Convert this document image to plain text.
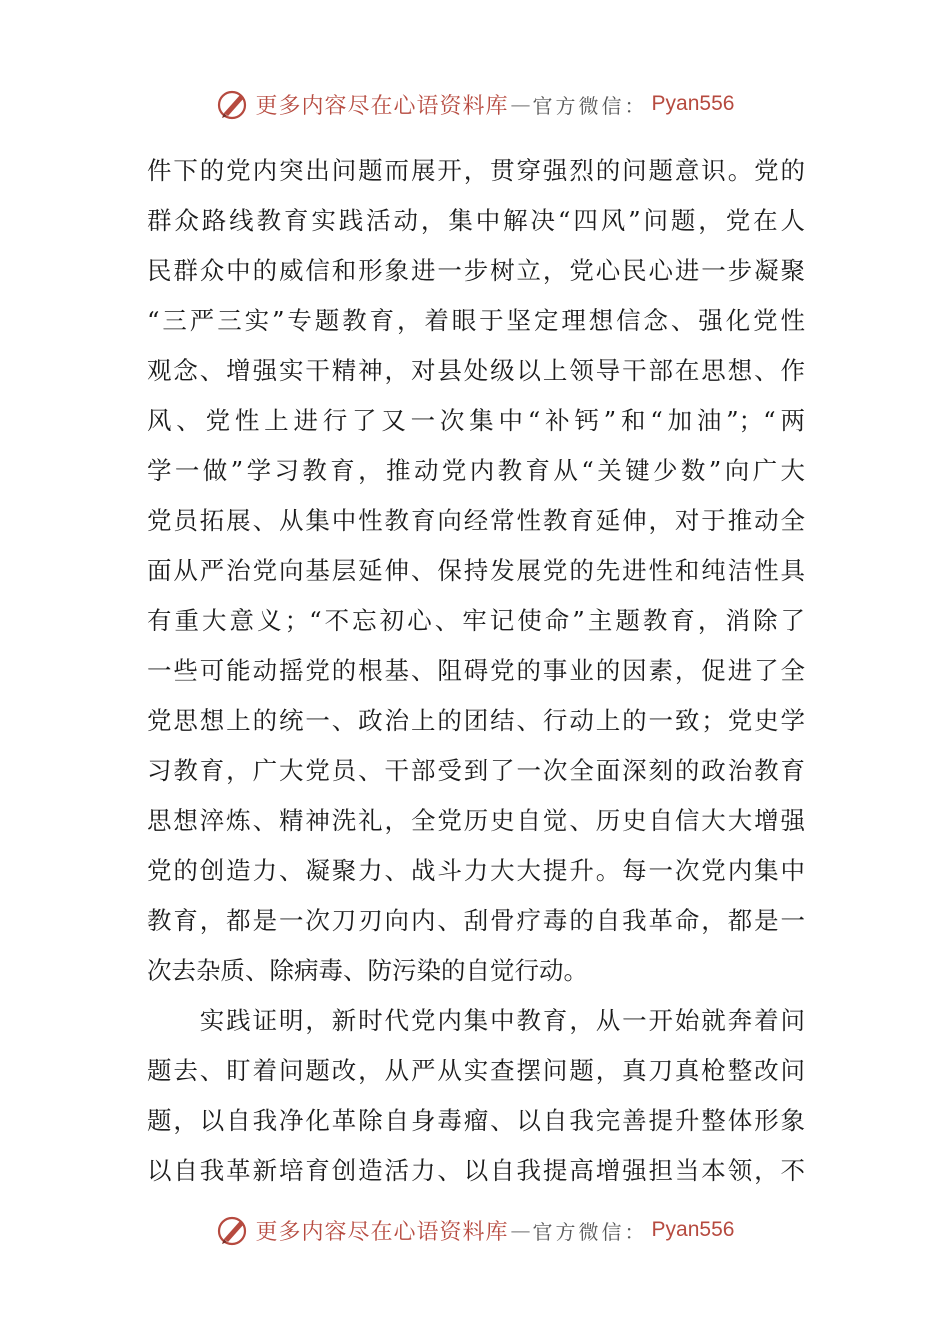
更多内容尽在心语资料库 — 官方微信： Pyan556
件下的党内突出问题而展开，贯穿强烈的问题意识。党的
群众路线教育实践活动，集中解决“四风”问题，党在人
民群众中的威信和形象进一步树立，党心民心进一步凝聚
“三严三实”专题教育，着眼于坚定理想信念、强化党性
观念、增强实干精神，对县处级以上领导干部在思想、作
风、党性上进行了又一次集中“补钙”和“加油”；“两
学一做”学习教育，推动党内教育从“关键少数”向广大
党员拓展、从集中性教育向经常性教育延伸，对于推动全
面从严治党向基层延伸、保持发展党的先进性和纯洁性具
有重大意义；“不忘初心、牢记使命”主题教育，消除了
一些可能动摇党的根基、阻碍党的事业的因素，促进了全
党思想上的统一、政治上的团结、行动上的一致；党史学
习教育，广大党员、干部受到了一次全面深刻的政治教育
思想淬炼、精神洗礼，全党历史自觉、历史自信大大增强
党的创造力、凝聚力、战斗力大大提升。每一次党内集中
教育，都是一次刀刃向内、刮骨疗毒的自我革命，都是一
次去杂质、除病毒、防污染的自觉行动。
　　实践证明，新时代党内集中教育，从一开始就奔着问
题去、盯着问题改，从严从实查摆问题，真刀真枪整改问
题，以自我净化革除自身毒瘤、以自我完善提升整体形象
以自我革新培育创造活力、以自我提高增强担当本领，不
更多内容尽在心语资料库 — 官方微信： Pyan556
